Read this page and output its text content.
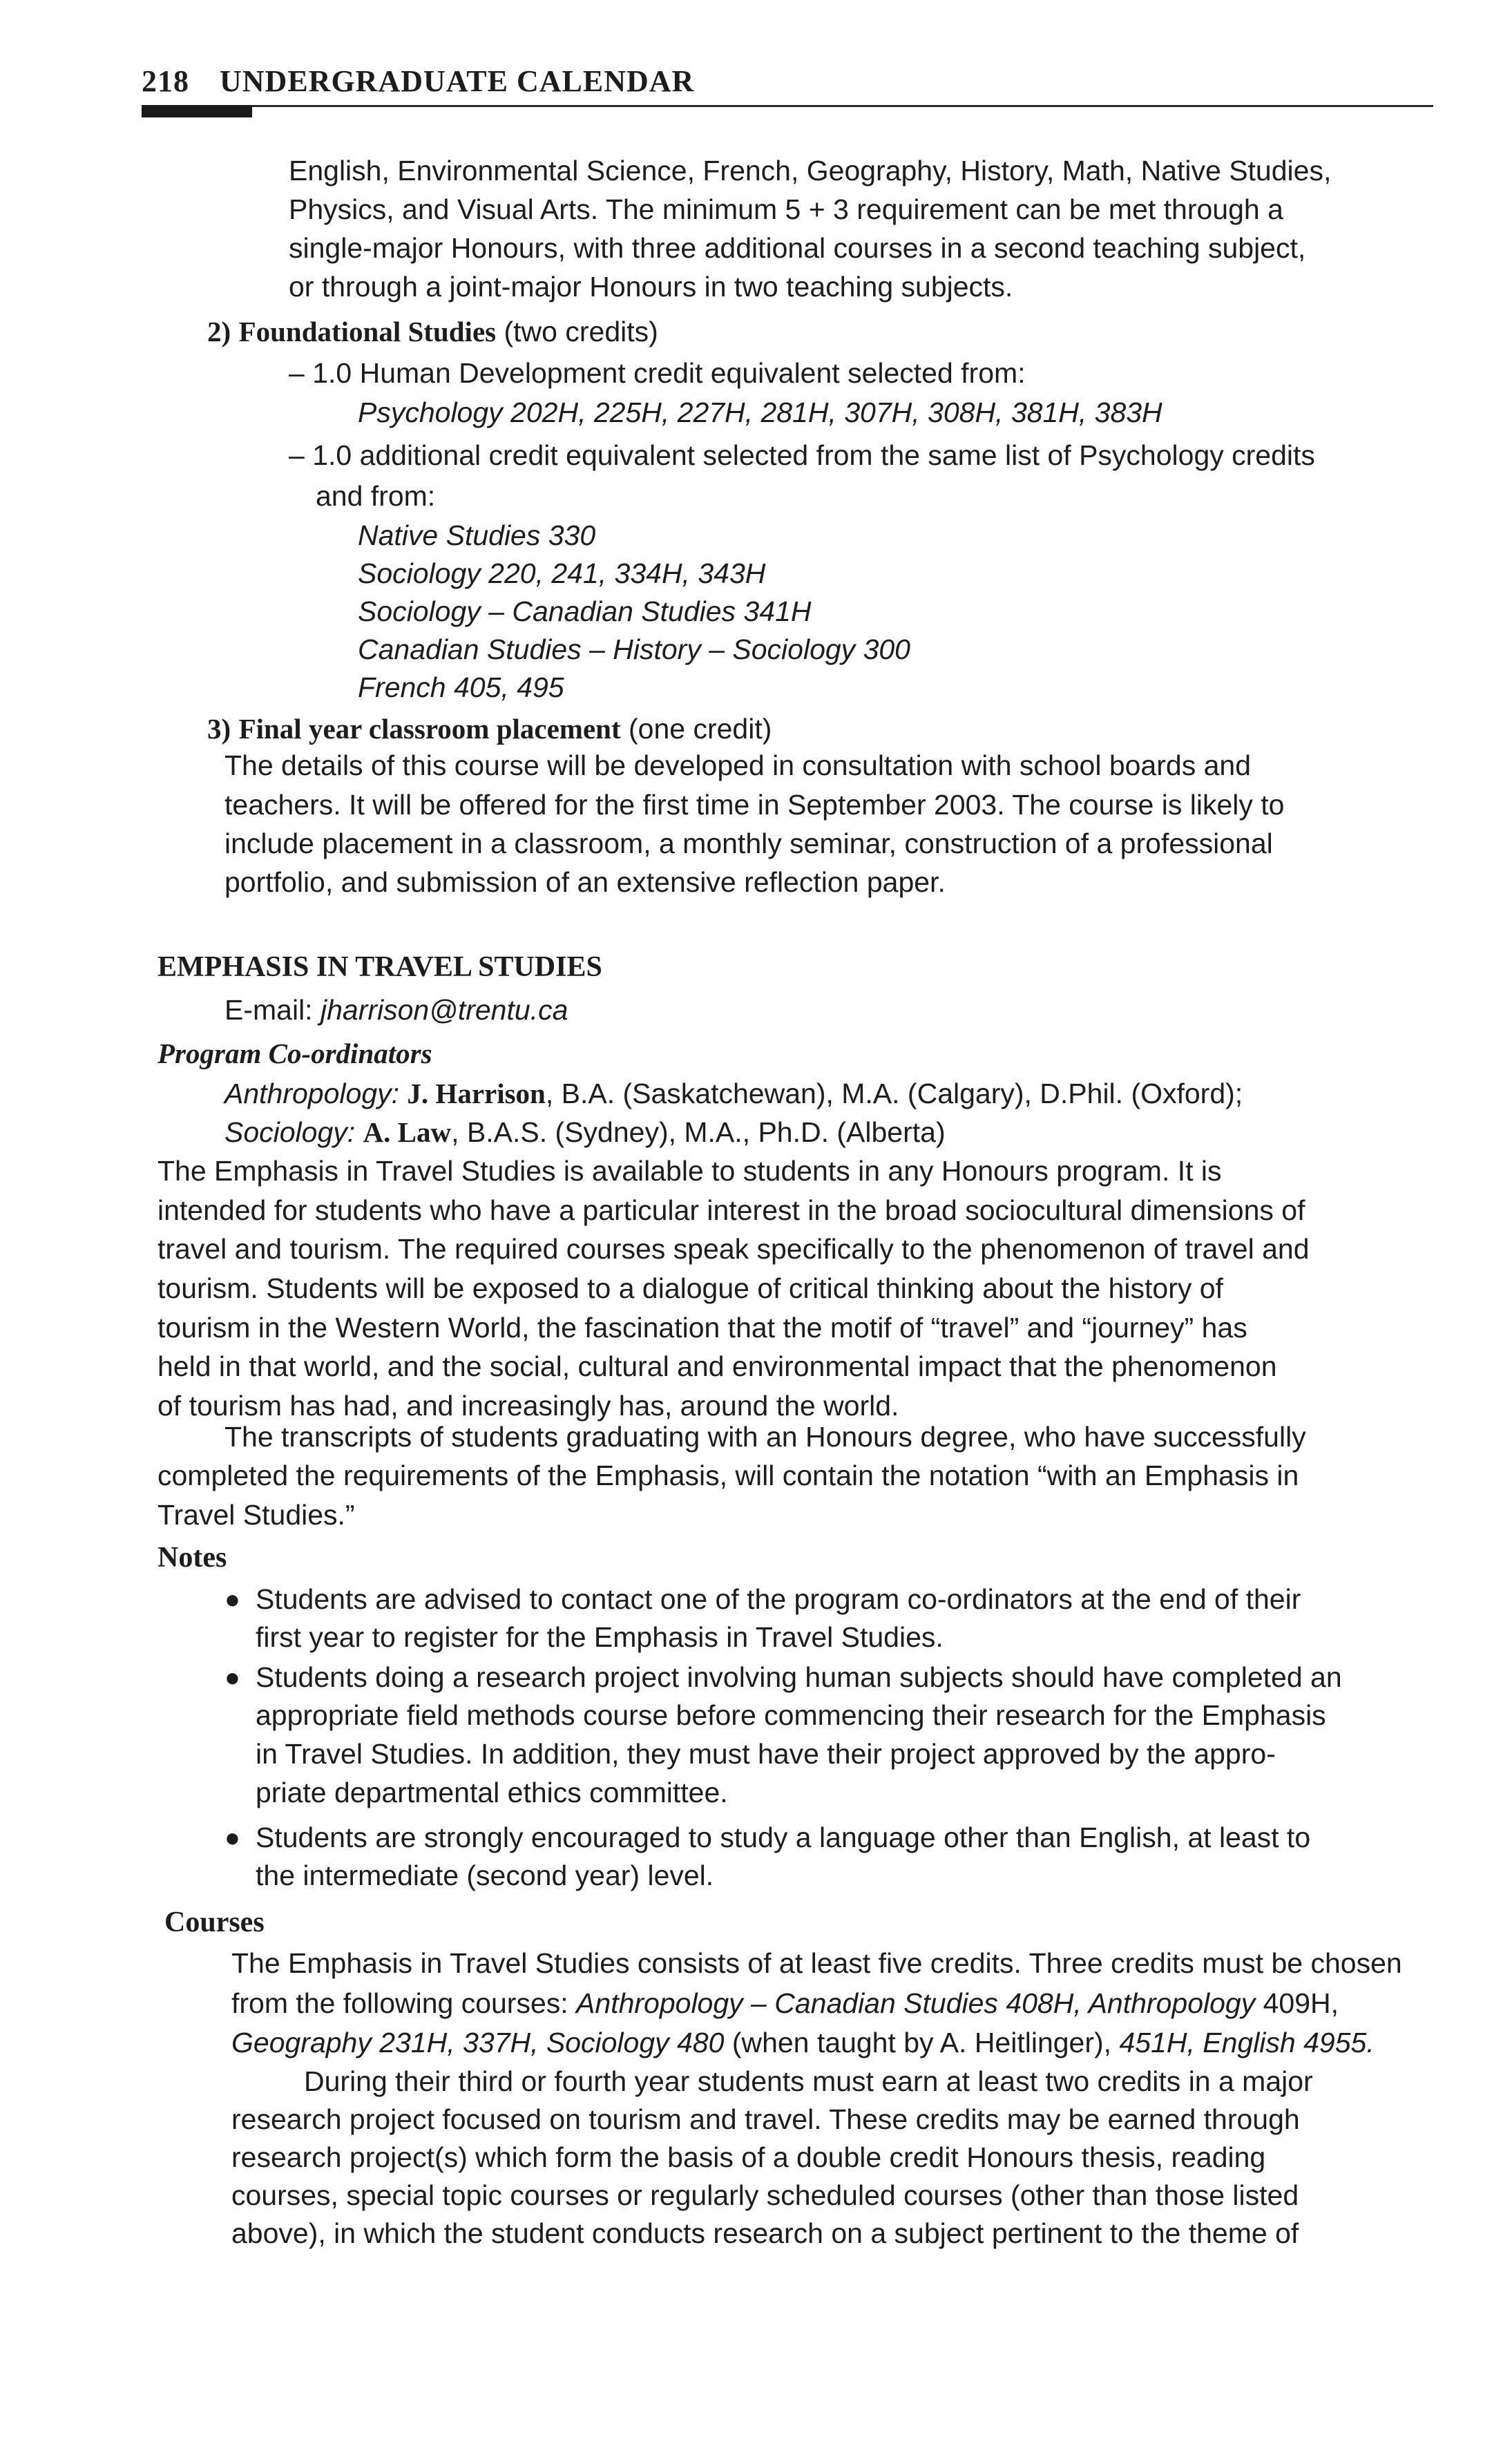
218 UNDERGRADUATE CALENDAR
English, Environmental Science, French, Geography, History, Math, Native Studies,
Physics, and Visual Arts. The minimum 5 + 3 requirement can be met through a
single-major Honours, with three additional courses in a second teaching subject,
or through a joint-major Honours in two teaching subjects.
2) Foundational Studies (two credits)
– 1.0 Human Development credit equivalent selected from:
Psychology 202H, 225H, 227H, 281H, 307H, 308H, 381H, 383H
– 1.0 additional credit equivalent selected from the same list of Psychology credits
and from:
Native Studies 330
Sociology 220, 241, 334H, 343H
Sociology – Canadian Studies 341H
Canadian Studies – History – Sociology 300
French 405, 495
3) Final year classroom placement (one credit)
The details of this course will be developed in consultation with school boards and
teachers. It will be offered for the first time in September 2003. The course is likely to
include placement in a classroom, a monthly seminar, construction of a professional
portfolio, and submission of an extensive reflection paper.
EMPHASIS IN TRAVEL STUDIES
E-mail: jharrison@trentu.ca
Program Co-ordinators
Anthropology: J. Harrison, B.A. (Saskatchewan), M.A. (Calgary), D.Phil. (Oxford);
Sociology: A. Law, B.A.S. (Sydney), M.A., Ph.D. (Alberta)
The Emphasis in Travel Studies is available to students in any Honours program. It is
intended for students who have a particular interest in the broad sociocultural dimensions of
travel and tourism. The required courses speak specifically to the phenomenon of travel and
tourism. Students will be exposed to a dialogue of critical thinking about the history of
tourism in the Western World, the fascination that the motif of “travel” and “journey” has
held in that world, and the social, cultural and environmental impact that the phenomenon
of tourism has had, and increasingly has, around the world.
The transcripts of students graduating with an Honours degree, who have successfully
completed the requirements of the Emphasis, will contain the notation “with an Emphasis in
Travel Studies.”
Notes
● Students are advised to contact one of the program co-ordinators at the end of their
first year to register for the Emphasis in Travel Studies.
● Students doing a research project involving human subjects should have completed an
appropriate field methods course before commencing their research for the Emphasis
in Travel Studies. In addition, they must have their project approved by the appro-
priate departmental ethics committee.
● Students are strongly encouraged to study a language other than English, at least to
the intermediate (second year) level.
Courses
The Emphasis in Travel Studies consists of at least five credits. Three credits must be chosen
from the following courses: Anthropology – Canadian Studies 408H, Anthropology 409H,
Geography 231H, 337H, Sociology 480 (when taught by A. Heitlinger), 451H, English 4955.
During their third or fourth year students must earn at least two credits in a major
research project focused on tourism and travel. These credits may be earned through
research project(s) which form the basis of a double credit Honours thesis, reading
courses, special topic courses or regularly scheduled courses (other than those listed
above), in which the student conducts research on a subject pertinent to the theme of
